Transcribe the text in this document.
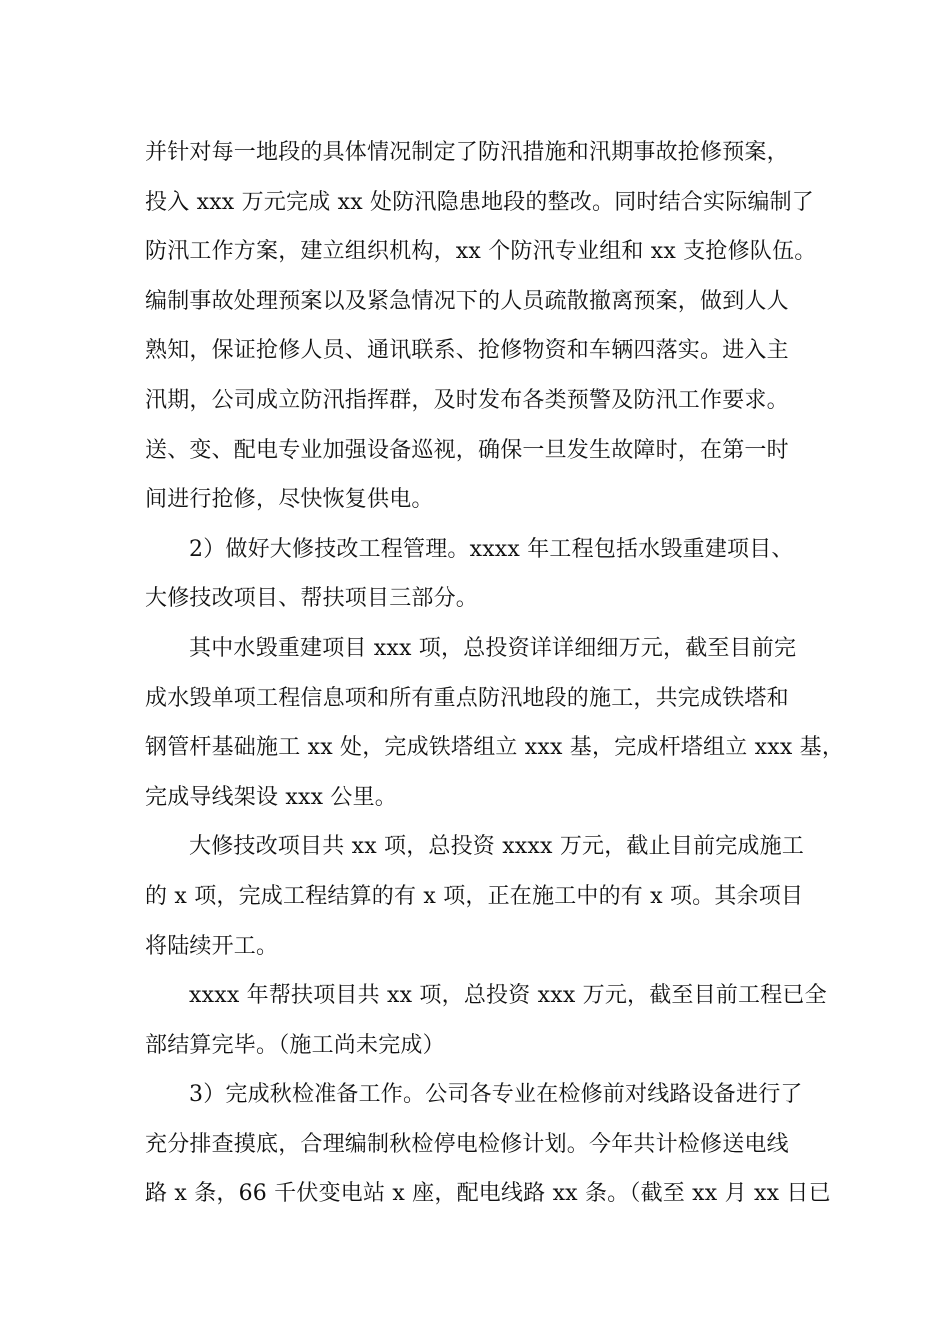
并针对每一地段的具体情况制定了防汛措施和汛期事故抢修预案，
投入 xxx 万元完成 xx 处防汛隐患地段的整改。同时结合实际编制了
防汛工作方案，建立组织机构，xx 个防汛专业组和 xx 支抢修队伍。
编制事故处理预案以及紧急情况下的人员疏散撤离预案，做到人人
熟知，保证抢修人员、通讯联系、抢修物资和车辆四落实。进入主
汛期，公司成立防汛指挥群，及时发布各类预警及防汛工作要求。
送、变、配电专业加强设备巡视，确保一旦发生故障时，在第一时
间进行抢修，尽快恢复供电。
2）做好大修技改工程管理。xxxx 年工程包括水毁重建项目、
大修技改项目、帮扶项目三部分。
其中水毁重建项目 xxx 项，总投资详详细细万元，截至目前完
成水毁单项工程信息项和所有重点防汛地段的施工，共完成铁塔和
钢管杆基础施工 xx 处，完成铁塔组立 xxx 基，完成杆塔组立 xxx 基，
完成导线架设 xxx 公里。
大修技改项目共 xx 项，总投资 xxxx 万元，截止目前完成施工
的 x 项，完成工程结算的有 x 项，正在施工中的有 x 项。其余项目
将陆续开工。
xxxx 年帮扶项目共 xx 项，总投资 xxx 万元，截至目前工程已全
部结算完毕。（施工尚未完成）
3）完成秋检准备工作。公司各专业在检修前对线路设备进行了
充分排查摸底，合理编制秋检停电检修计划。今年共计检修送电线
路 x 条，66 千伏变电站 x 座，配电线路 xx 条。（截至 xx 月 xx 日已
